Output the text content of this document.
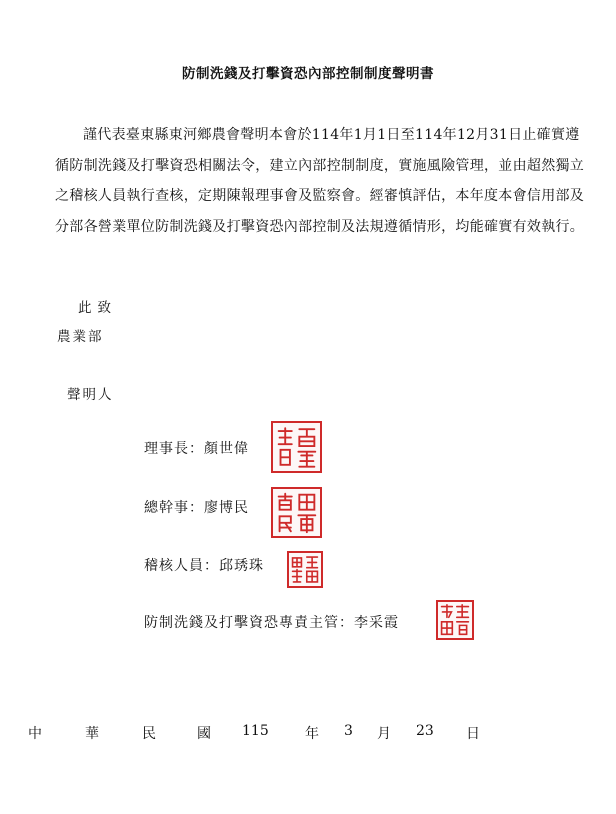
防制洗錢及打擊資恐內部控制制度聲明書
謹代表臺東縣東河鄉農會聲明本會於114年1月1日至114年12月31日止確實遵循防制洗錢及打擊資恐相關法令，建立內部控制制度，實施風險管理，並由超然獨立之稽核人員執行查核，定期陳報理事會及監察會。經審慎評估，本年度本會信用部及分部各營業單位防制洗錢及打擊資恐內部控制及法規遵循情形，均能確實有效執行。
此致
農業部
聲明人
理事長：顏世偉
總幹事：廖博民
稽核人員：邱琇珠
防制洗錢及打擊資恐專責主管：李采霞
中	華	民	國 115	年 3 月 23 日
